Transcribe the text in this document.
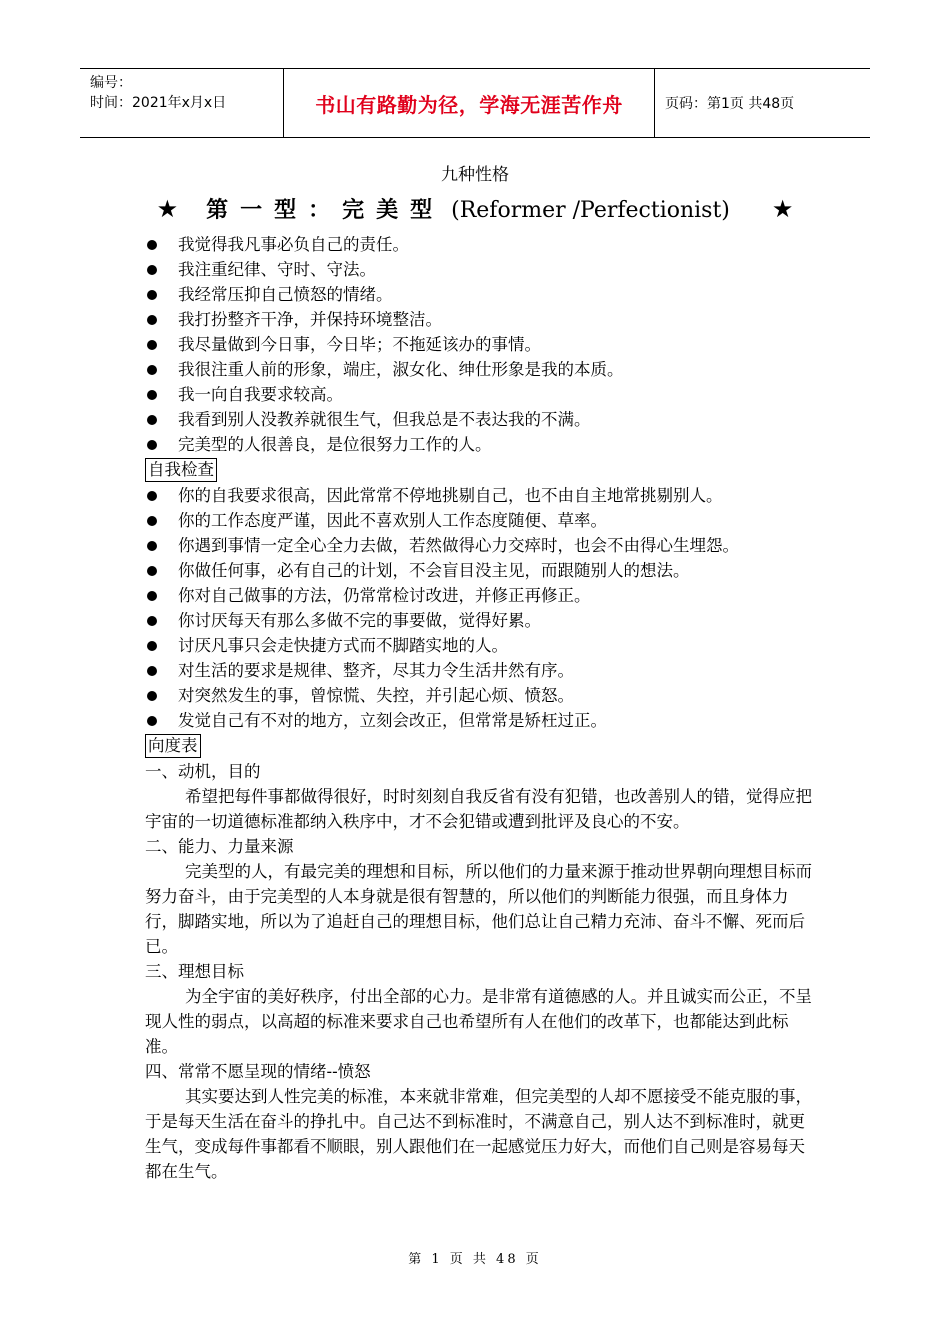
编号：
时间：2021年x月x日	书山有路勤为径，学海无涯苦作舟	页码：第1页 共48页
九种性格
★ 第一型：完美型 (Reformer /Perfectionist) ★
我觉得我凡事必负自己的责任。
我注重纪律、守时、守法。
我经常压抑自己愤怒的情绪。
我打扮整齐干净，并保持环境整洁。
我尽量做到今日事，今日毕；不拖延该办的事情。
我很注重人前的形象，端庄，淑女化、绅仕形象是我的本质。
我一向自我要求较高。
我看到别人没教养就很生气，但我总是不表达我的不满。
完美型的人很善良，是位很努力工作的人。
自我检查
你的自我要求很高，因此常常不停地挑剔自己，也不由自主地常挑剔别人。
你的工作态度严谨，因此不喜欢别人工作态度随便、草率。
你遇到事情一定全心全力去做，若然做得心力交瘁时，也会不由得心生埋怨。
你做任何事，必有自己的计划，不会盲目没主见，而跟随别人的想法。
你对自己做事的方法，仍常常检讨改进，并修正再修正。
你讨厌每天有那么多做不完的事要做，觉得好累。
讨厌凡事只会走快捷方式而不脚踏实地的人。
对生活的要求是规律、整齐，尽其力令生活井然有序。
对突然发生的事，曾惊慌、失控，并引起心烦、愤怒。
发觉自己有不对的地方，立刻会改正，但常常是矫枉过正。
向度表

一、动机，目的

希望把每件事都做得很好，时时刻刻自我反省有没有犯错，也改善别人的错，觉得应把宇宙的一切道德标准都纳入秩序中，才不会犯错或遭到批评及良心的不安。

二、能力、力量来源

完美型的人，有最完美的理想和目标，所以他们的力量来源于推动世界朝向理想目标而努力奋斗，由于完美型的人本身就是很有智慧的，所以他们的判断能力很强，而且身体力行，脚踏实地，所以为了追赶自己的理想目标，他们总让自己精力充沛、奋斗不懈、死而后已。

三、理想目标

为全宇宙的美好秩序，付出全部的心力。是非常有道德感的人。并且诚实而公正，不呈现人性的弱点，以高超的标准来要求自己也希望所有人在他们的改革下，也都能达到此标准。

四、常常不愿呈现的情绪--愤怒

其实要达到人性完美的标准，本来就非常难，但完美型的人却不愿接受不能克服的事，于是每天生活在奋斗的挣扎中。自己达不到标准时，不满意自己，别人达不到标准时，就更生气，变成每件事都看不顺眼，别人跟他们在一起感觉压力好大，而他们自己则是容易每天都在生气。

第 1 页 共 48 页
